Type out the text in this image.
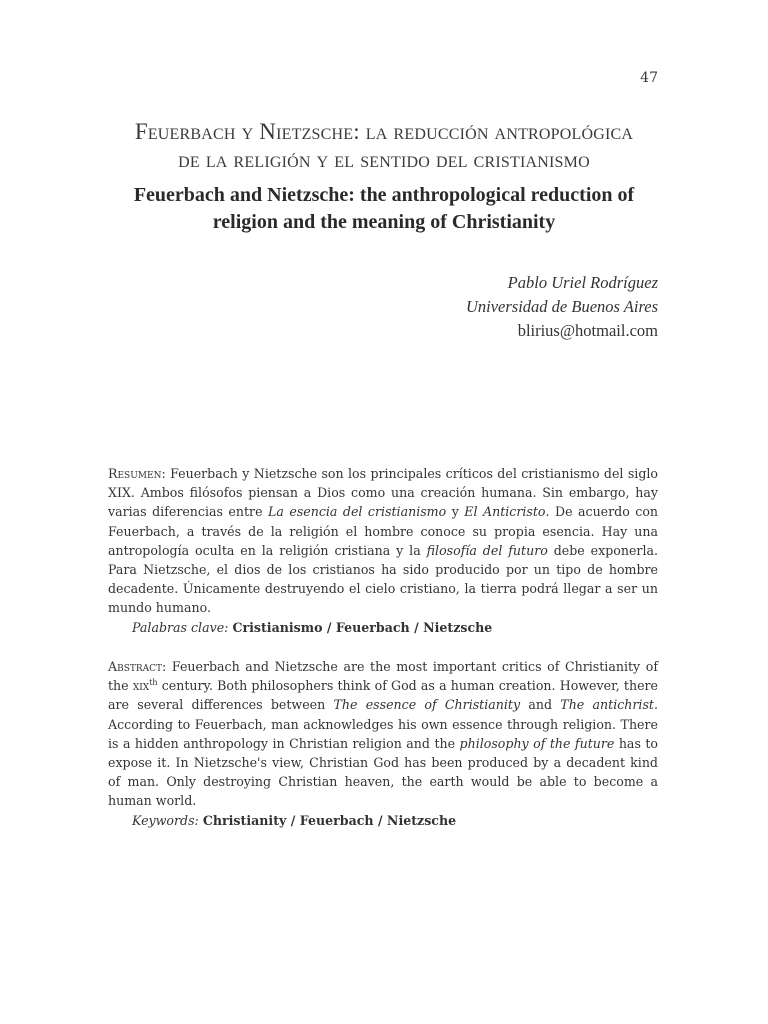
47
Feuerbach y Nietzsche: la reducción antropológica
de la religión y el sentido del cristianismo
Feuerbach and Nietzsche: the anthropological reduction of
religion and the meaning of Christianity
Pablo Uriel Rodríguez
Universidad de Buenos Aires
blirius@hotmail.com
Resumen: Feuerbach y Nietzsche son los principales críticos del cristianismo del siglo XIX. Ambos filósofos piensan a Dios como una creación humana. Sin embargo, hay varias diferencias entre La esencia del cristianismo y El Anticristo. De acuerdo con Feuerbach, a través de la religión el hombre conoce su propia esencia. Hay una antropología oculta en la religión cristiana y la filosofía del futuro debe exponerla. Para Nietzsche, el dios de los cristianos ha sido producido por un tipo de hombre decadente. Únicamente destruyendo el cielo cristiano, la tierra podrá llegar a ser un mundo humano.
Palabras clave: Cristianismo / Feuerbach / Nietzsche
Abstract: Feuerbach and Nietzsche are the most important critics of Christianity of the xix$^{th}$ century. Both philosophers think of God as a human creation. However, there are several differences between The essence of Christianity and The antichrist. According to Feuerbach, man acknowledges his own essence through religion. There is a hidden anthropology in Christian religion and the philosophy of the future has to expose it. In Nietzsche's view, Christian God has been produced by a decadent kind of man. Only destroying Christian heaven, the earth would be able to become a human world.
Keywords: Christianity / Feuerbach / Nietzsche
